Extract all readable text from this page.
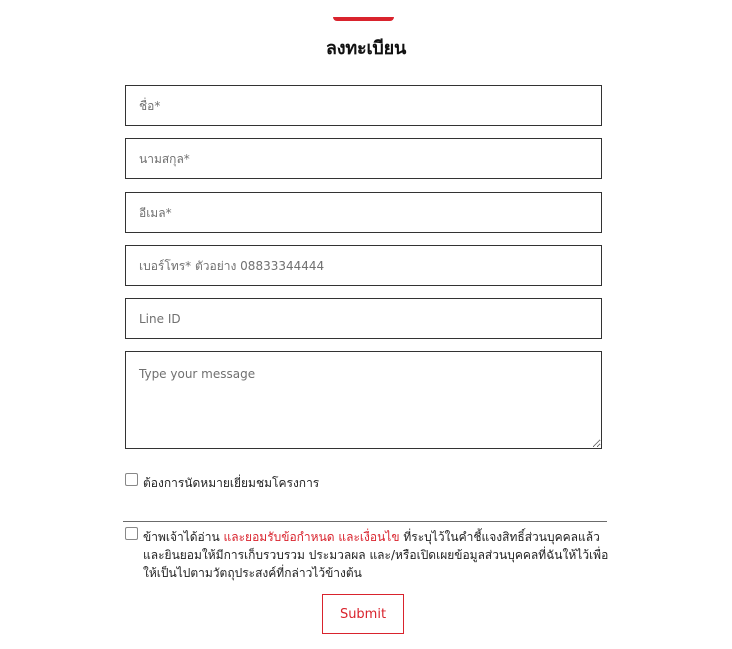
ลงทะเบียน
ชื่อ*
นามสกุล*
อีเมล*
เบอร์โทร* ตัวอย่าง 08833344444
Line ID
Type your message
ต้องการนัดหมายเยี่ยมชมโครงการ
ข้าพเจ้าได้อ่าน และยอมรับข้อกำหนด และเงื่อนไข ที่ระบุไว้ในคำชี้แจงสิทธิ์ส่วนบุคคลแล้ว และยินยอมให้มีการเก็บรวบรวม ประมวลผล และ/หรือเปิดเผยข้อมูลส่วนบุคคลที่ฉันให้ไว้เพื่อให้เป็นไปตามวัตถุประสงค์ที่กล่าวไว้ข้างต้น
Submit
